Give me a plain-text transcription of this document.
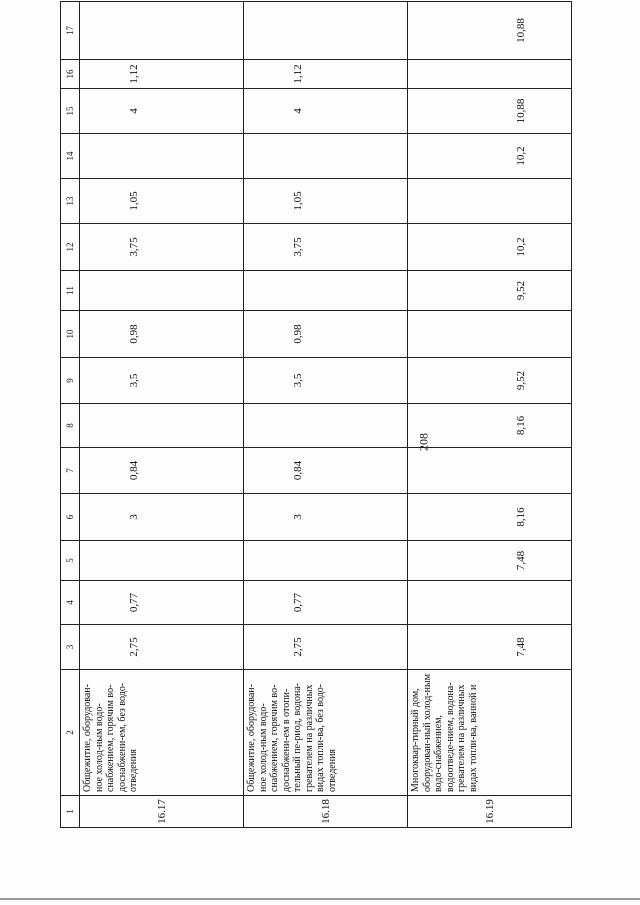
208
1	2	3	4	5	6	7	8	9	10	11	12	13	14	15	16	17
16.17	Общежитие, оборудован-ное холод-ным водо-снабжением, горячим во-доснабжени-ем, без водо-отведения	2,75	0,77		3	0,84		3,5	0,98		3,75	1,05		4	1,12	
16.18	Общежитие, оборудован-ное холод-ным водо-снабжением, горячим во-доснабжени-ем в отопи-тельный пе-риод, водона-гревателем на различных видах топли-ва, без водо-отведения	2,75	0,77		3	0,84		3,5	0,98		3,75	1,05		4	1,12	
16.19	Многоквар-тирный дом, оборудован-ный холод-ным водо-снабжением, водоотведе-нием, водона-гревателем на различных видах топли-ва, ванной и	7,48		7,48	8,16		8,16	9,52		9,52	10,2		10,2	10,88		10,88
